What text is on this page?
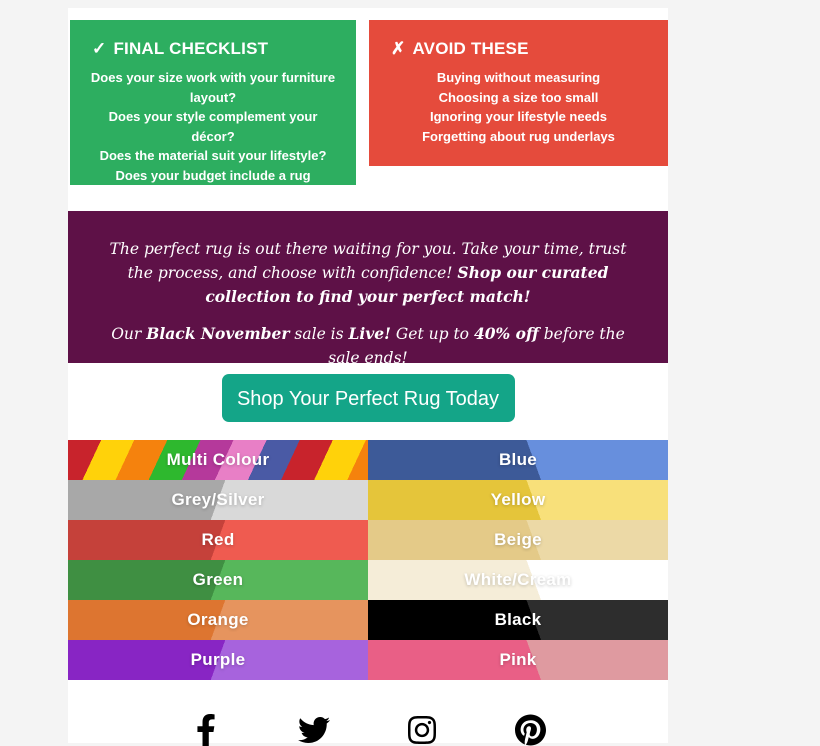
✓ FINAL CHECKLIST
Does your size work with your furniture layout?
Does your style complement your décor?
Does the material suit your lifestyle?
Does your budget include a rug underlay?
✗ AVOID THESE
Buying without measuring
Choosing a size too small
Ignoring your lifestyle needs
Forgetting about rug underlays

The perfect rug is out there waiting for you. Take your time, trust the process, and choose with confidence! Shop our curated collection to find your perfect match!

Our Black November sale is Live! Get up to 40% off before the sale ends!

Shop Your Perfect Rug Today
Multi Colour	Blue
Grey/Silver	Yellow
Red	Beige
Green	White/Cream
Orange	Black
Purple	Pink
